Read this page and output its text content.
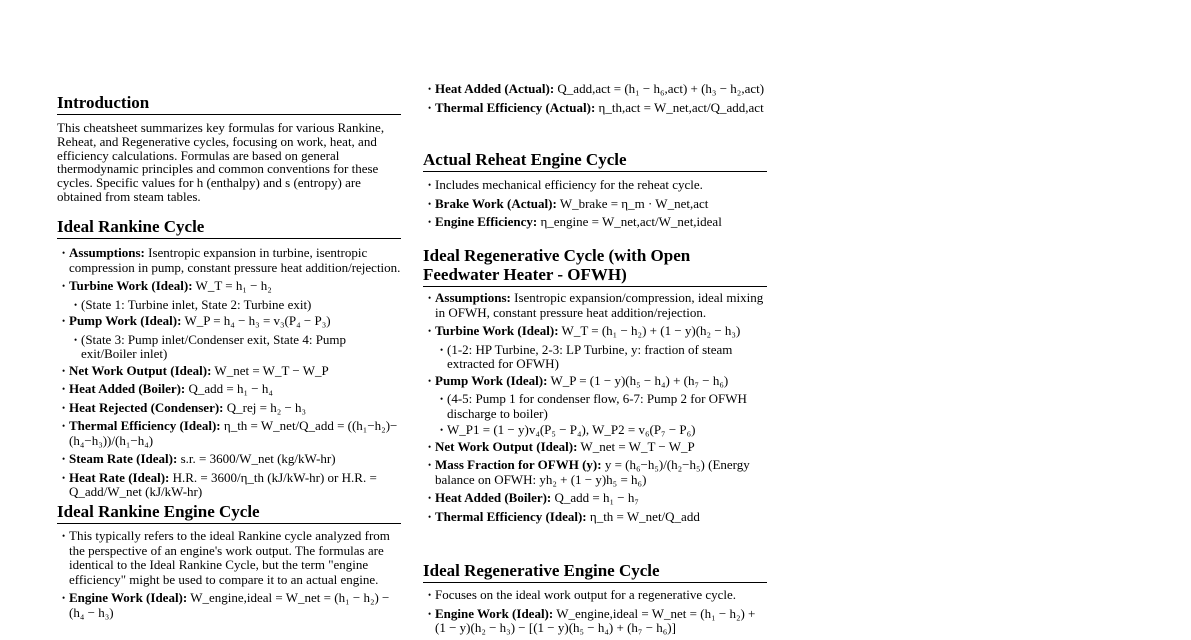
Introduction

This cheatsheet summarizes key formulas for various Rankine, Reheat, and Regenerative cycles, focusing on work, heat, and efficiency calculations. Formulas are based on general thermodynamic principles and common conventions for these cycles. Specific values for h (enthalpy) and s (entropy) are obtained from steam tables.

Ideal Rankine Cycle
• Assumptions: Isentropic expansion in turbine, isentropic compression in pump, constant pressure heat addition/rejection.
• Turbine Work (Ideal): W_T = h₁ − h₂
• (State 1: Turbine inlet, State 2: Turbine exit)
• Pump Work (Ideal): W_P = h₄ − h₃ = v₃(P₄ − P₃)
• (State 3: Pump inlet/Condenser exit, State 4: Pump exit/Boiler inlet)
• Net Work Output (Ideal): W_net = W_T − W_P
• Heat Added (Boiler): Q_add = h₁ − h₄
• Heat Rejected (Condenser): Q_rej = h₂ − h₃
• Thermal Efficiency (Ideal): η_th = W_net/Q_add = ((h₁−h₂)−(h₄−h₃))/(h₁−h₄)
• Steam Rate (Ideal): s.r. = 3600/W_net (kg/kW-hr)
• Heat Rate (Ideal): H.R. = 3600/η_th (kJ/kW-hr) or H.R. = Q_add/W_net (kJ/kW-hr)
Ideal Rankine Engine Cycle
• This typically refers to the ideal Rankine cycle analyzed from the perspective of an engine's work output. The formulas are identical to the Ideal Rankine Cycle, but the term "engine efficiency" might be used to compare it to an actual engine.
• Engine Work (Ideal): W_engine,ideal = W_net = (h₁ − h₂) − (h₄ − h₃)
• Heat Added (Actual): Q_add,act = (h₁ − h₆,act) + (h₃ − h₂,act)
• Thermal Efficiency (Actual): η_th,act = W_net,act/Q_add,act
Actual Reheat Engine Cycle
• Includes mechanical efficiency for the reheat cycle.
• Brake Work (Actual): W_brake = η_m · W_net,act
• Engine Efficiency: η_engine = W_net,act/W_net,ideal
Ideal Regenerative Cycle (with Open Feedwater Heater - OFWH)
• Assumptions: Isentropic expansion/compression, ideal mixing in OFWH, constant pressure heat addition/rejection.
• Turbine Work (Ideal): W_T = (h₁ − h₂) + (1 − y)(h₂ − h₃)
• (1-2: HP Turbine, 2-3: LP Turbine, y: fraction of steam extracted for OFWH)
• Pump Work (Ideal): W_P = (1 − y)(h₅ − h₄) + (h₇ − h₆)
• (4-5: Pump 1 for condenser flow, 6-7: Pump 2 for OFWH discharge to boiler)
• W_P1 = (1 − y)v₄(P₅ − P₄), W_P2 = v₆(P₇ − P₆)
• Net Work Output (Ideal): W_net = W_T − W_P
• Mass Fraction for OFWH (y): y = (h₆−h₅)/(h₂−h₅) (Energy balance on OFWH: yh₂ + (1 − y)h₅ = h₆)
• Heat Added (Boiler): Q_add = h₁ − h₇
• Thermal Efficiency (Ideal): η_th = W_net/Q_add
Ideal Regenerative Engine Cycle
• Focuses on the ideal work output for a regenerative cycle.
• Engine Work (Ideal): W_engine,ideal = W_net = (h₁ − h₂) + (1 − y)(h₂ − h₃) − [(1 − y)(h₅ − h₄) + (h₇ − h₆)]
